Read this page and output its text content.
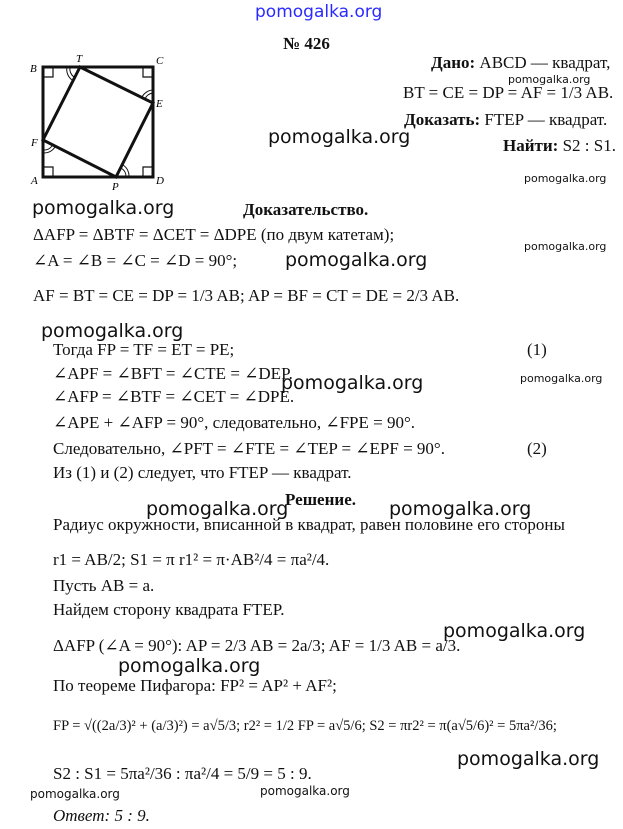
pomogalka.org
pomogalka.org
pomogalka.org
pomogalka.org
pomogalka.org
pomogalka.org
pomogalka.org
pomogalka.org
pomogalka.org	pomogalka.org
pomogalka.org	pomogalka.org
pomogalka.org
pomogalka.org
pomogalka.org
pomogalka.org	pomogalka.org
№ 426
B
T	C
E
F
A	P	D
Дано: ABCD — квадрат,
BT = CE = DP = AF = 1/3 AB.
Доказать: FTEP — квадрат.
Найти: S2 : S1.
Доказательство.
ΔAFP = ΔBTF = ΔCET = ΔDPE (по двум катетам);
∠A = ∠B = ∠C = ∠D = 90°;
AF = BT = CE = DP = 1/3 AB; AP = BF = CT = DE = 2/3 AB.
Тогда FP = TF = ET = PE;	(1)
∠APF = ∠BFT = ∠CTE = ∠DEP.
∠AFP = ∠BTF = ∠CET = ∠DPE.
∠APE + ∠AFP = 90°, следовательно, ∠FPE = 90°.
Следовательно, ∠PFT = ∠FTE = ∠TEP = ∠EPF = 90°.	(2)
Из (1) и (2) следует, что FTEP — квадрат.
Решение.
Радиус окружности, вписанной в квадрат, равен половине его стороны
r1 = AB/2; S1 = π r1² = π·AB²/4 = πa²/4.
Пусть AB = a.
Найдем сторону квадрата FTEP.
ΔAFP (∠A = 90°): AP = 2/3 AB = 2a/3; AF = 1/3 AB = a/3.
По теореме Пифагора: FP² = AP² + AF²;
FP = √((2a/3)² + (a/3)²) = a√5/3; r2² = 1/2 FP = a√5/6; S2 = πr2² = π(a√5/6)² = 5πa²/36;
S2 : S1 = 5πa²/36 : πa²/4 = 5/9 = 5 : 9.
Ответ: 5 : 9.
